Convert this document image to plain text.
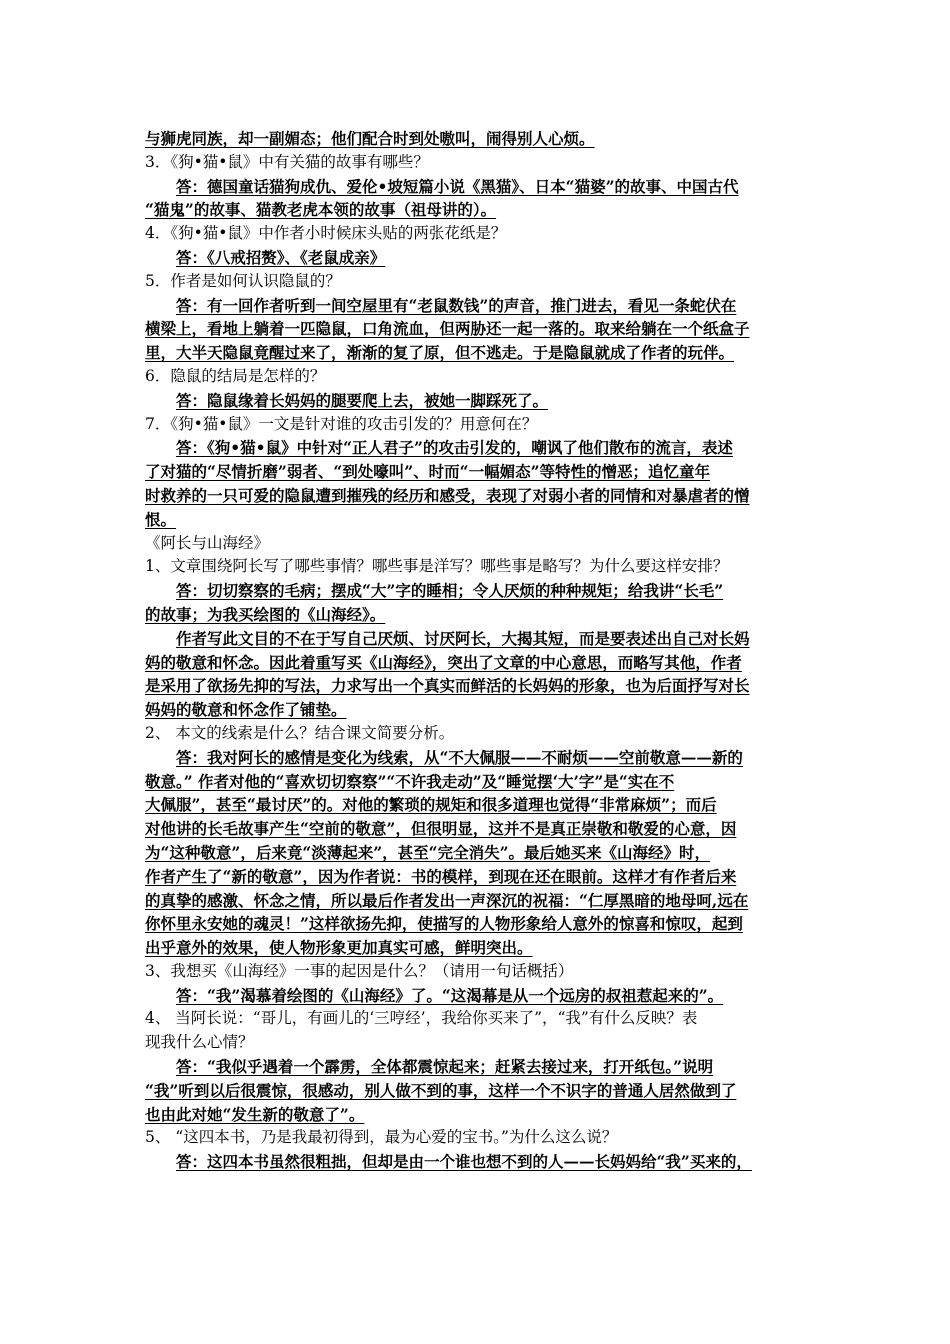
与狮虎同族，却一副媚态；他们配合时到处嗷叫，闹得别人心烦。
3．《狗•猫•鼠》中有关猫的故事有哪些？
答：德国童话猫狗成仇、爱伦•坡短篇小说《黑猫》、日本“猫婆”的故事、中国古代
“猫鬼”的故事、猫教老虎本领的故事（祖母讲的）。
4．《狗•猫•鼠》中作者小时候床头贴的两张花纸是？
答：《八戒招赘》、《老鼠成亲》
5．作者是如何认识隐鼠的？
答：有一回作者听到一间空屋里有“老鼠数钱”的声音，推门进去，看见一条蛇伏在
横梁上，看地上躺着一匹隐鼠，口角流血，但两胁还一起一落的。取来给躺在一个纸盒子
里，大半天隐鼠竟醒过来了，渐渐的复了原，但不逃走。于是隐鼠就成了作者的玩伴。
6．隐鼠的结局是怎样的？
答：隐鼠缘着长妈妈的腿要爬上去，被她一脚踩死了。
7．《狗•猫•鼠》一文是针对谁的攻击引发的？用意何在？
答：《狗•猫•鼠》中针对“正人君子”的攻击引发的，嘲讽了他们散布的流言，表述
了对猫的“尽情折磨”弱者、“到处嚎叫”、时而“一幅媚态”等特性的憎恶；追忆童年
时救养的一只可爱的隐鼠遭到摧残的经历和感受，表现了对弱小者的同情和对暴虐者的憎
恨。
《阿长与山海经》
1、文章围绕阿长写了哪些事情？哪些事是洋写？哪些事是略写？为什么要这样安排？
答：切切察察的毛病；摆成“大”字的睡相；令人厌烦的种种规矩；给我讲“长毛”
的故事；为我买绘图的《山海经》。
作者写此文目的不在于写自己厌烦、讨厌阿长，大揭其短，而是要表述出自己对长妈
妈的敬意和怀念。因此着重写买《山海经》，突出了文章的中心意思，而略写其他，作者
是采用了欲扬先抑的写法，力求写出一个真实而鲜活的长妈妈的形象，也为后面抒写对长
妈妈的敬意和怀念作了铺垫。
2、 本文的线索是什么？结合课文简要分析。
答：我对阿长的感情是变化为线索，从“不大佩服——不耐烦——空前敬意——新的
敬意。” 作者对他的“喜欢切切察察”“不许我走动”及“睡觉摆‘大’字”是“实在不
大佩服”，甚至“最讨厌”的。对他的繁琐的规矩和很多道理也觉得“非常麻烦”；而后
对他讲的长毛故事产生“空前的敬意”，但很明显，这并不是真正崇敬和敬爱的心意，因
为“这种敬意”，后来竟“淡薄起来”，甚至“完全消失”。最后她买来《山海经》时，
作者产生了“新的敬意”，因为作者说：书的模样，到现在还在眼前。这样才有作者后来
的真挚的感激、怀念之情，所以最后作者发出一声深沉的祝福：“仁厚黑暗的地母呵,远在
你怀里永安她的魂灵！”这样欲扬先抑，使描写的人物形象给人意外的惊喜和惊叹，起到
出乎意外的效果，使人物形象更加真实可感，鲜明突出。
3、我想买《山海经》一事的起因是什么？（请用一句话概括）
答：“我”渴慕着绘图的《山海经》了。“这渴幕是从一个远房的叔祖惹起来的”。
4、 当阿长说：“哥儿，有画儿的‘三哼经’，我给你买来了”，“我”有什么反映？表
现我什么心情？
答：“我似乎遇着一个霹雳，全体都震惊起来；赶紧去接过来，打开纸包。”说明
“我”听到以后很震惊，很感动，别人做不到的事，这样一个不识字的普通人居然做到了
也由此对她“发生新的敬意了”。
5、 “这四本书，乃是我最初得到，最为心爱的宝书。”为什么这么说？
答：这四本书虽然很粗拙，但却是由一个谁也想不到的人——长妈妈给“我”买来的，
